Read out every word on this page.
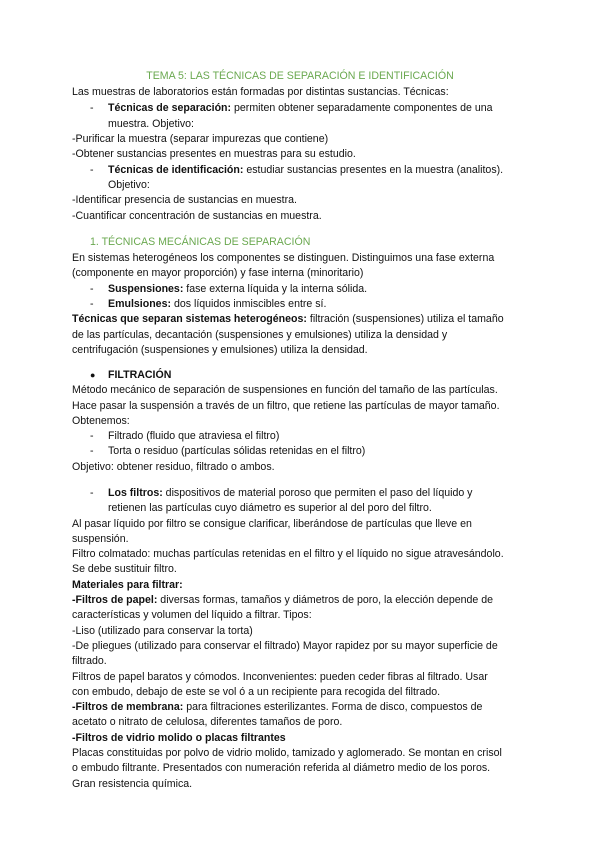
TEMA 5: LAS TÉCNICAS DE SEPARACIÓN E IDENTIFICACIÓN
Las muestras de laboratorios están formadas por distintas sustancias. Técnicas:
- Técnicas de separación: permiten obtener separadamente componentes de una
muestra. Objetivo:
-Purificar la muestra (separar impurezas que contiene)
-Obtener sustancias presentes en muestras para su estudio.
- Técnicas de identificación: estudiar sustancias presentes en la muestra (analitos).
Objetivo:
-Identificar presencia de sustancias en muestra.
-Cuantificar concentración de sustancias en muestra.
1. TÉCNICAS MECÁNICAS DE SEPARACIÓN
En sistemas heterogéneos los componentes se distinguen. Distinguimos una fase externa
(componente en mayor proporción) y fase interna (minoritario)
- Suspensiones: fase externa líquida y la interna sólida.
- Emulsiones: dos líquidos inmiscibles entre sí.
Técnicas que separan sistemas heterogéneos: filtración (suspensiones) utiliza el tamaño
de las partículas, decantación (suspensiones y emulsiones) utiliza la densidad y
centrifugación (suspensiones y emulsiones) utiliza la densidad.
● FILTRACIÓN
Método mecánico de separación de suspensiones en función del tamaño de las partículas.
Hace pasar la suspensión a través de un filtro, que retiene las partículas de mayor tamaño.
Obtenemos:
- Filtrado (fluido que atraviesa el filtro)
- Torta o residuo (partículas sólidas retenidas en el filtro)
Objetivo: obtener residuo, filtrado o ambos.
- Los filtros: dispositivos de material poroso que permiten el paso del líquido y
retienen las partículas cuyo diámetro es superior al del poro del filtro.
Al pasar líquido por filtro se consigue clarificar, liberándose de partículas que lleve en
suspensión.
Filtro colmatado: muchas partículas retenidas en el filtro y el líquido no sigue atravesándolo.
Se debe sustituir filtro.
Materiales para filtrar:
-Filtros de papel: diversas formas, tamaños y diámetros de poro, la elección depende de
características y volumen del líquido a filtrar. Tipos:
-Liso (utilizado para conservar la torta)
-De pliegues (utilizado para conservar el filtrado) Mayor rapidez por su mayor superficie de
filtrado.
Filtros de papel baratos y cómodos. Inconvenientes: pueden ceder fibras al filtrado. Usar
con embudo, debajo de este se vol ó a un recipiente para recogida del filtrado.
-Filtros de membrana: para filtraciones esterilizantes. Forma de disco, compuestos de
acetato o nitrato de celulosa, diferentes tamaños de poro.
-Filtros de vidrio molido o placas filtrantes
Placas constituidas por polvo de vidrio molido, tamizado y aglomerado. Se montan en crisol
o embudo filtrante. Presentados con numeración referida al diámetro medio de los poros.
Gran resistencia química.
